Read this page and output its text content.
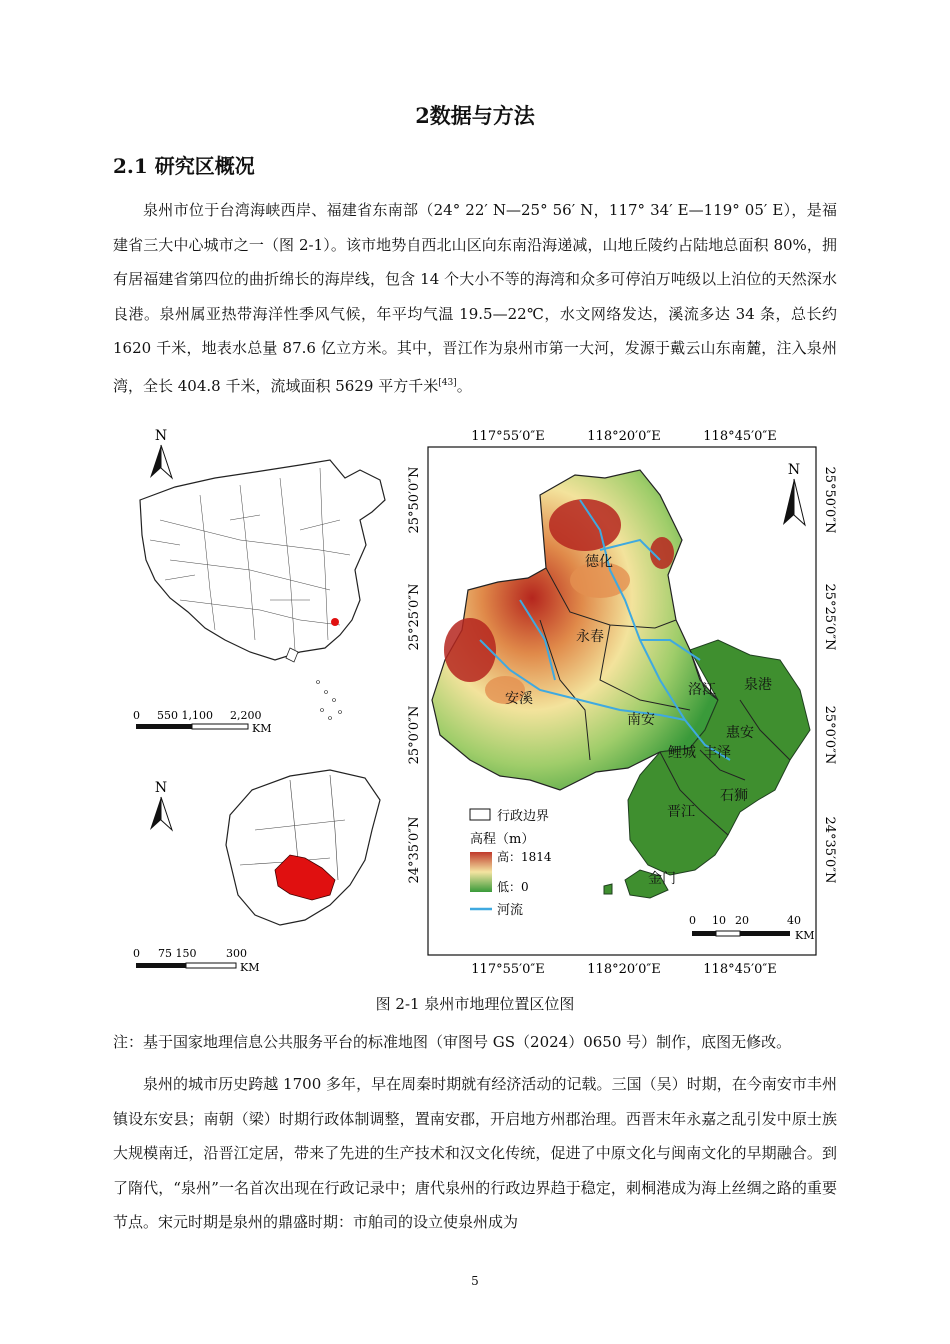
2数据与方法
2.1 研究区概况

泉州市位于台湾海峡西岸、福建省东南部（24° 22′ N—25° 56′ N，117° 34′ E—119° 05′ E），是福建省三大中心城市之一（图 2-1）。该市地势自西北山区向东南沿海递减，山地丘陵约占陆地总面积 80%，拥有居福建省第四位的曲折绵长的海岸线，包含 14 个大小不等的海湾和众多可停泊万吨级以上泊位的天然深水良港。泉州属亚热带海洋性季风气候，年平均气温 19.5—22℃，水文网络发达，溪流多达 34 条，总长约 1620 千米，地表水总量 87.6 亿立方米。其中，晋江作为泉州市第一大河，发源于戴云山东南麓，注入泉州湾，全长 404.8 千米，流域面积 5629 平方千米[43]。

N
0 550 1,100 2,200
KM
N
0 75 150	300
KM
117°55′0″E	118°20′0″E	118°45′0″E
117°55′0″E	118°20′0″E	118°45′0″E
25°50′0″N
25°25′0″N
25°0′0″N
24°35′0″N
25°50′0″N
25°25′0″N
25°0′0″N
24°35′0″N
德化
永春
安溪
南安
洛江 泉港
惠安
鲤城 丰泽
晋江
石狮
金门
N
行政边界
高程（m）
高：1814
低：0
河流
0 10 20	40
KM
图 2-1 泉州市地理位置区位图
注：基于国家地理信息公共服务平台的标准地图（审图号 GS（2024）0650 号）制作，底图无修改。

泉州的城市历史跨越 1700 多年，早在周秦时期就有经济活动的记载。三国（吴）时期，在今南安市丰州镇设东安县；南朝（梁）时期行政体制调整，置南安郡，开启地方州郡治理。西晋末年永嘉之乱引发中原士族大规模南迁，沿晋江定居，带来了先进的生产技术和汉文化传统，促进了中原文化与闽南文化的早期融合。到了隋代，“泉州”一名首次出现在行政记录中；唐代泉州的行政边界趋于稳定，刺桐港成为海上丝绸之路的重要节点。宋元时期是泉州的鼎盛时期：市舶司的设立使泉州成为

5
